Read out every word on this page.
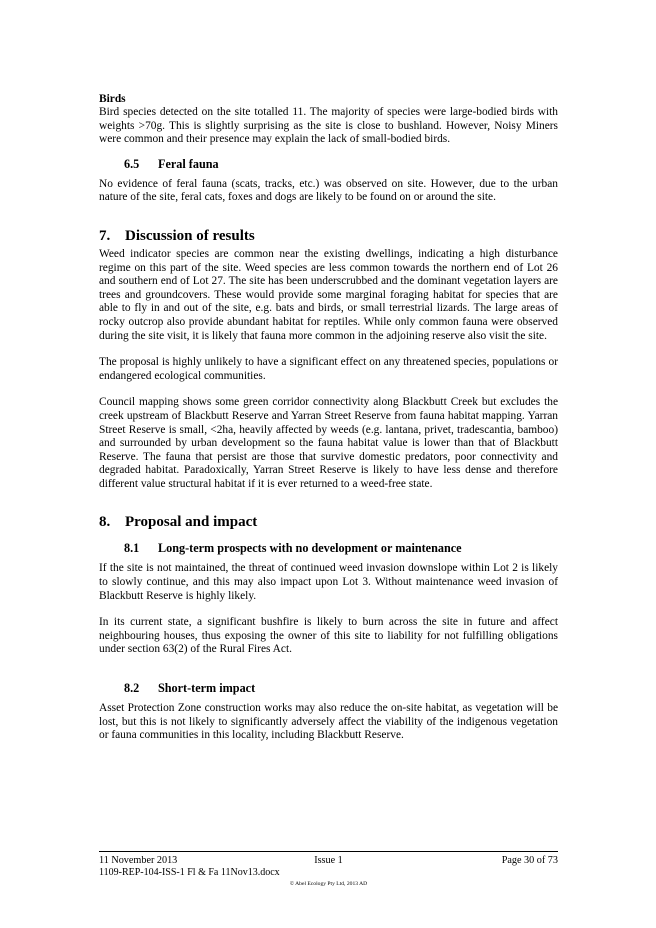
Birds

Bird species detected on the site totalled 11. The majority of species were large-bodied birds with weights >70g. This is slightly surprising as the site is close to bushland. However, Noisy Miners were common and their presence may explain the lack of small-bodied birds.

6.5	Feral fauna

No evidence of feral fauna (scats, tracks, etc.) was observed on site. However, due to the urban nature of the site, feral cats, foxes and dogs are likely to be found on or around the site.

7. Discussion of results

Weed indicator species are common near the existing dwellings, indicating a high disturbance regime on this part of the site. Weed species are less common towards the northern end of Lot 26 and southern end of Lot 27. The site has been underscrubbed and the dominant vegetation layers are trees and groundcovers. These would provide some marginal foraging habitat for species that are able to fly in and out of the site, e.g. bats and birds, or small terrestrial lizards. The large areas of rocky outcrop also provide abundant habitat for reptiles. While only common fauna were observed during the site visit, it is likely that fauna more common in the adjoining reserve also visit the site.

The proposal is highly unlikely to have a significant effect on any threatened species, populations or endangered ecological communities.

Council mapping shows some green corridor connectivity along Blackbutt Creek but excludes the creek upstream of Blackbutt Reserve and Yarran Street Reserve from fauna habitat mapping. Yarran Street Reserve is small, <2ha, heavily affected by weeds (e.g. lantana, privet, tradescantia, bamboo) and surrounded by urban development so the fauna habitat value is lower than that of Blackbutt Reserve. The fauna that persist are those that survive domestic predators, poor connectivity and degraded habitat. Paradoxically, Yarran Street Reserve is likely to have less dense and therefore different value structural habitat if it is ever returned to a weed-free state.

8. Proposal and impact
8.1	Long-term prospects with no development or maintenance

If the site is not maintained, the threat of continued weed invasion downslope within Lot 2 is likely to slowly continue, and this may also impact upon Lot 3. Without maintenance weed invasion of Blackbutt Reserve is highly likely.

In its current state, a significant bushfire is likely to burn across the site in future and affect neighbouring houses, thus exposing the owner of this site to liability for not fulfilling obligations under section 63(2) of the Rural Fires Act.

8.2	Short-term impact

Asset Protection Zone construction works may also reduce the on-site habitat, as vegetation will be lost, but this is not likely to significantly adversely affect the viability of the indigenous vegetation or fauna communities in this locality, including Blackbutt Reserve.

11 November 2013	Issue 1	Page 30 of 73
1109-REP-104-ISS-1 Fl & Fa 11Nov13.docx
© Abel Ecology Pty Ltd, 2013 AD
